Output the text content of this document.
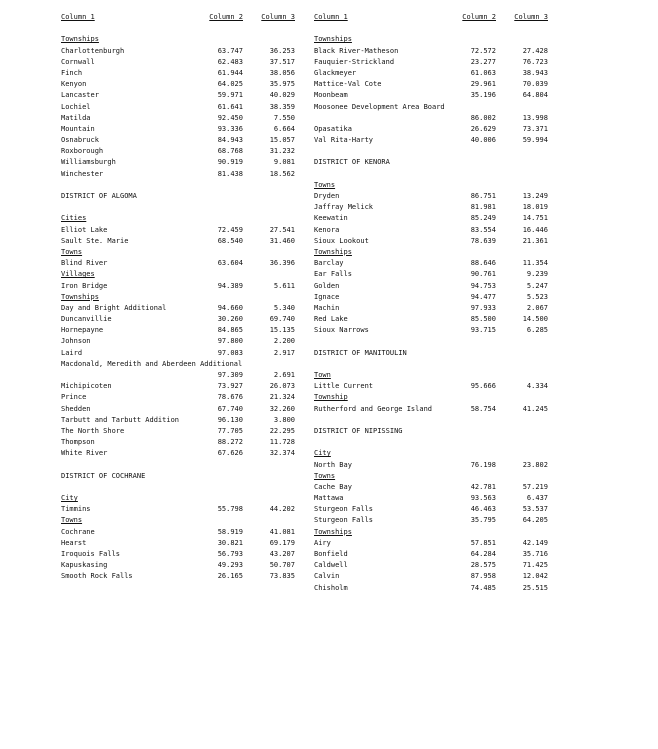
Column 1	Column 2	Column 3
Townships
Charlottenburgh	63.747	36.253
Cornwall	62.483	37.517
Finch	61.944	38.056
Kenyon	64.025	35.975
Lancaster	59.971	40.029
Lochiel	61.641	38.359
Matilda	92.450	7.550
Mountain	93.336	6.664
Osnabruck	84.943	15.057
Roxborough	68.768	31.232
Williamsburgh	90.919	9.081
Winchester	81.438	18.562
DISTRICT OF ALGOMA
Cities
Elliot Lake	72.459	27.541
Sault Ste. Marie	68.540	31.460
Towns
Blind River	63.604	36.396
Villages
Iron Bridge	94.389	5.611
Townships
Day and Bright Additional	94.660	5.340
Duncanvillie	30.260	69.740
Hornepayne	84.865	15.135
Johnson	97.800	2.200
Laird	97.083	2.917
Macdonald, Meredith and Aberdeen Additional
97.309	2.691
Michipicoten	73.927	26.073
Prince	78.676	21.324
Shedden	67.740	32.260
Tarbutt and Tarbutt Addition	96.130	3.800
The North Shore	77.705	22.295
Thompson	88.272	11.728
White River	67.626	32.374
DISTRICT OF COCHRANE
City
Timmins	55.798	44.202
Towns
Cochrane	58.919	41.081
Hearst	30.821	69.179
Iroquois Falls	56.793	43.207
Kapuskasing	49.293	50.707
Smooth Rock Falls	26.165	73.835
Column 1	Column 2	Column 3
Townships
Black River-Matheson	72.572	27.428
Fauquier-Strickland	23.277	76.723
Glackmeyer	61.063	38.943
Mattice-Val Cote	29.961	70.039
Moonbeam	35.196	64.804
Moosonee Development Area Board
86.002	13.998
Opasatika	26.629	73.371
Val Rita-Harty	40.006	59.994
DISTRICT OF KENORA
Towns
Dryden	86.751	13.249
Jaffray Melick	81.981	18.019
Keewatin	85.249	14.751
Kenora	83.554	16.446
Sioux Lookout	78.639	21.361
Townships
Barclay	88.646	11.354
Ear Falls	90.761	9.239
Golden	94.753	5.247
Ignace	94.477	5.523
Machin	97.933	2.067
Red Lake	85.500	14.500
Sioux Narrows	93.715	6.285
DISTRICT OF MANITOULIN
Town
Little Current	95.666	4.334
Township
Rutherford and George Island	58.754	41.245
DISTRICT OF NIPISSING
City
North Bay	76.198	23.802
Towns
Cache Bay	42.781	57.219
Mattawa	93.563	6.437
Sturgeon Falls	46.463	53.537
Sturgeon Falls	35.795	64.205
Townships
Airy	57.851	42.149
Bonfield	64.284	35.716
Caldwell	28.575	71.425
Calvin	87.958	12.042
Chisholm	74.485	25.515
